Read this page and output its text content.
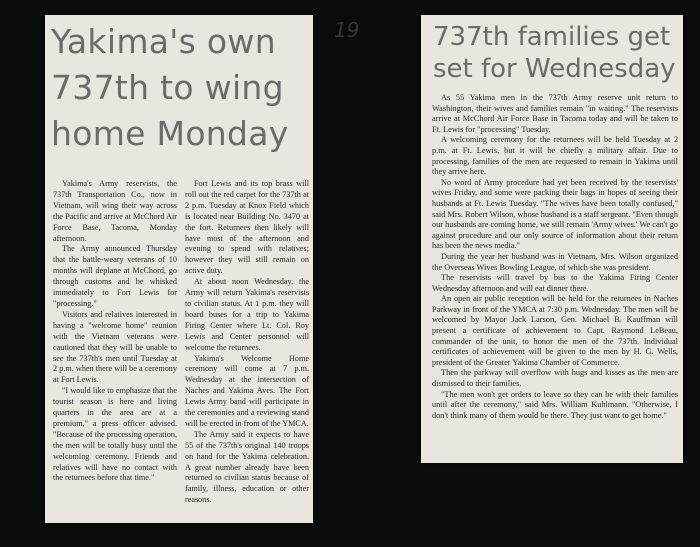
19
Yakima's own 737th to wing home Monday

Yakima's Army reservists, the 737th Transportation Co., now in Vietnam, will wing their way across the Pacific and arrive at McChord Air Force Base, Tacoma, Monday afternoon.

The Army announced Thursday that the battle-weary veterans of 10 months will deplane at McChord, go through customs and be whisked immediately to Fort Lewis for "processing."

Visitors and relatives interested in having a "welcome home" reunion with the Vietnam veterans were cautioned that they will be unable to see the 737th's men until Tuesday at 2 p.m. when there will be a ceremony at Fort Lewis.

"I would like to emphasize that the tourist season is here and living quarters in the area are at a premium," a press officer advised. "Because of the processing operation, the men will be totally busy until the welcoming ceremony. Friends and relatives will have no contact with the returnees before that time."

Fort Lewis and its top brass will roll out the red carpet for the 737th at 2 p.m. Tuesday at Knox Field which is located near Building No. 3470 at the fort. Returnees then likely will have most of the afternoon and evening to spend with relatives; however they will still remain on active duty.

At about noon Wednesday, the Army will return Yakima's reservists to civilian status. At 1 p.m. they will board buses for a trip to Yakima Firing Center where Lt. Col. Roy Lewis and Center personnel will welcome the returnees.

Yakima's Welcome Home ceremony will come at 7 p.m. Wednesday at the intersection of Naches and Yakima Aves. The Fort Lewis Army band will participate in the ceremonies and a reviewing stand will be erected in front of the YMCA.

The Army said it expects to have 55 of the 737th's original 140 troops on hand for the Yakima celebration. A great number already have been returned to civilian status because of family, illness, education or other reasons.

737th families get
set for Wednesday

As 55 Yakima men in the 737th Army reserve unit return to Washington, their wives and families remain "in waiting." The reservists arrive at McChord Air Force Base in Tacoma today and will be taken to Ft. Lewis for "processing" Tuesday.

A welcoming ceremony for the returnees will be held Tuesday at 2 p.m. at Ft. Lewis, but it will be chiefly a military affair. Due to processing, families of the men are requested to remain in Yakima until they arrive here.

No word of Army procedure had yet been received by the reservists' wives Friday, and some were packing their bags in hopes of seeing their husbands at Ft. Lewis Tuesday. "The wives have been totally confused," said Mrs. Robert Wilson, whose husband is a staff sergeant. "Even though our husbands are coming home, we still remain 'Army wives.' We can't go against procedure and our only source of information about their return has been the news media."

During the year her husband was in Vietnam, Mrs. Wilson organized the Overseas Wives Bowling League, of which she was president.

The reservists will travel by bus to the Yakima Firing Center Wednesday afternoon and will eat dinner there.

An open air public reception will be held for the returnees in Naches Parkway in front of the YMCA at 7:30 p.m. Wednesday. The men will be welcomed by Mayor Jack Larson, Gen. Michael B. Kauffman will present a certificate of achievement to Capt. Raymond LeBeau, commander of the unit, to honor the men of the 737th. Individual certificates of achievement will be given to the men by H. G. Wells, president of the Greater Yakima Chamber of Commerce.

Then the parkway will overflow with hugs and kisses as the men are dismissed to their families.

"The men won't get orders to leave so they can be with their families until after the ceremony," said Mrs. William Kuhlmann. "Otherwise, I don't think many of them would be there. They just want to get home."
